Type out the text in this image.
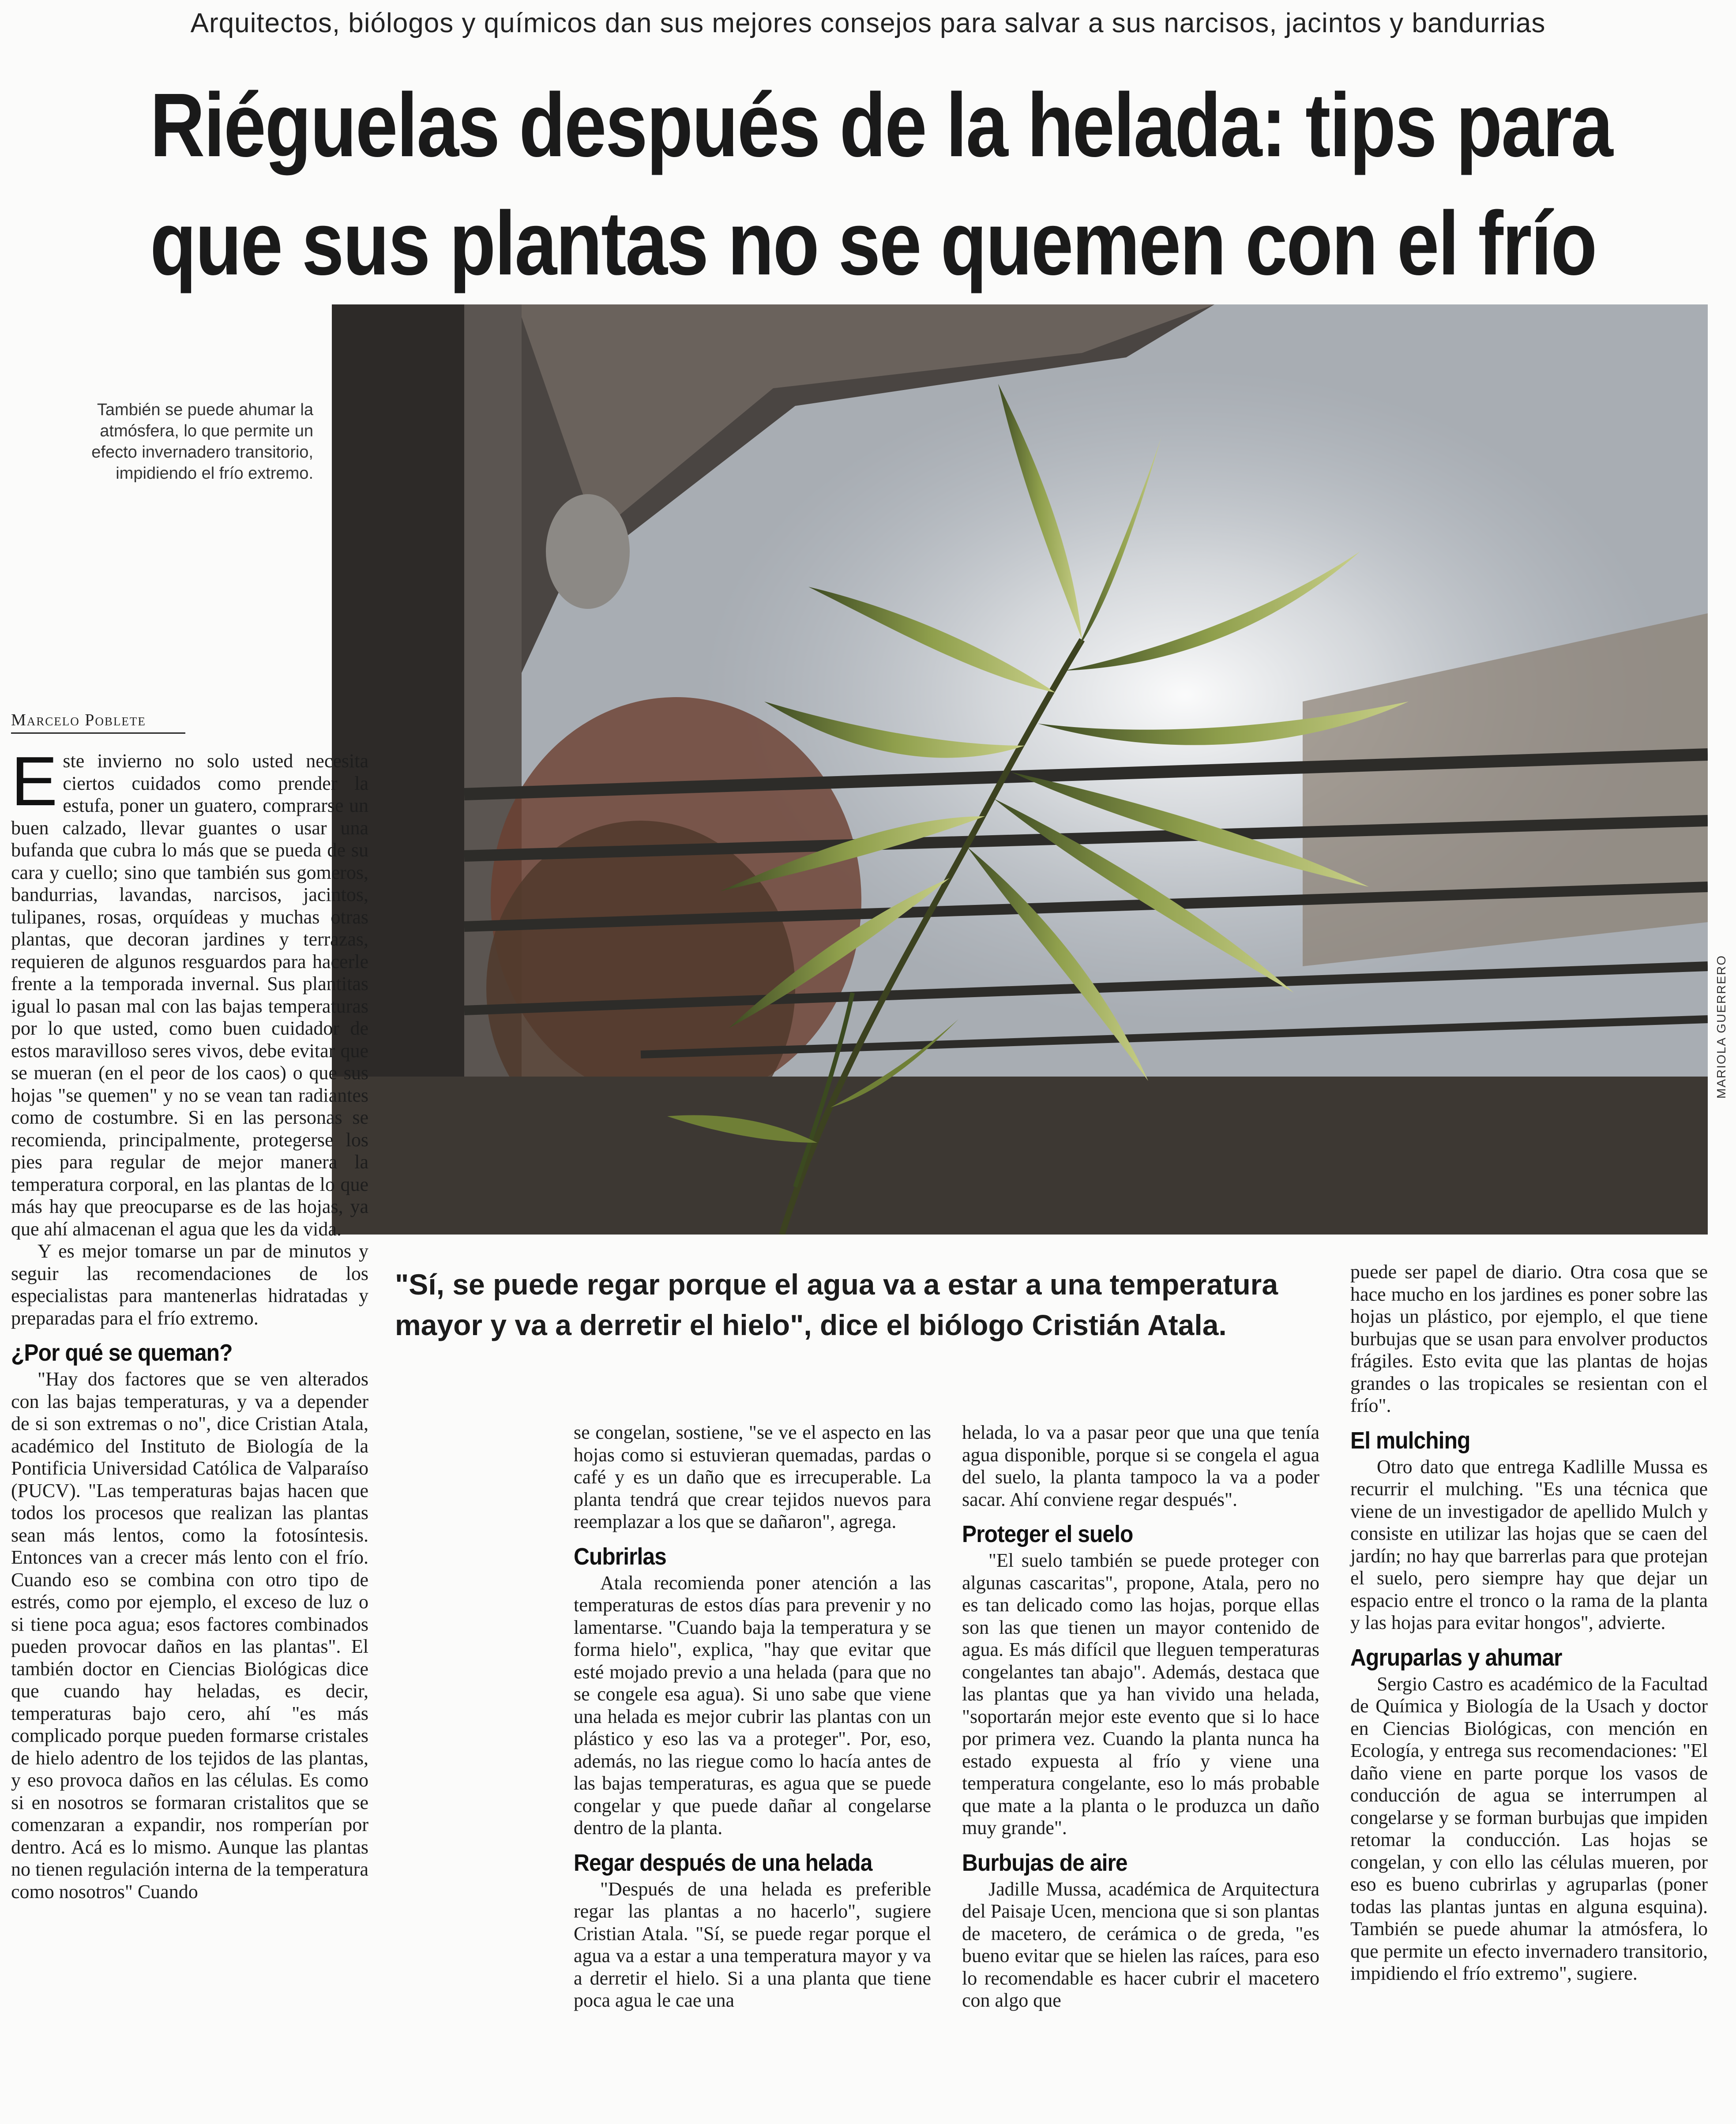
Arquitectos, biólogos y químicos dan sus mejores consejos para salvar a sus narcisos, jacintos y bandurrias
Riéguelas después de la helada: tips para
que sus plantas no se quemen con el frío
También se puede ahumar la atmósfera, lo que permite un efecto invernadero transitorio, impidiendo el frío extremo.
MARIOLA GUERRERO
Marcelo Poblete

Este invierno no solo usted necesita ciertos cuidados como prender la estufa, poner un guatero, comprarse un buen calzado, llevar guantes o usar una bufanda que cubra lo más que se pueda de su cara y cuello; sino que también sus gomeros, bandurrias, lavandas, narcisos, jacintos, tulipanes, rosas, orquídeas y muchas otras plantas, que decoran jardines y terrazas, requieren de algunos resguardos para hacerle frente a la temporada invernal. Sus plantitas igual lo pasan mal con las bajas temperaturas por lo que usted, como buen cuidador de estos maravilloso seres vivos, debe evitar que se mueran (en el peor de los caos) o que sus hojas "se quemen" y no se vean tan radiantes como de costumbre. Si en las personas se recomienda, principalmente, protegerse los pies para regular de mejor manera la temperatura corporal, en las plantas de lo que más hay que preocuparse es de las hojas, ya que ahí almacenan el agua que les da vida.

Y es mejor tomarse un par de minutos y seguir las recomendaciones de los especialistas para mantenerlas hidratadas y preparadas para el frío extremo.

¿Por qué se queman?

"Hay dos factores que se ven alterados con las bajas temperaturas, y va a depender de si son extremas o no", dice Cristian Atala, académico del Instituto de Biología de la Pontificia Universidad Católica de Valparaíso (PUCV). "Las temperaturas bajas hacen que todos los procesos que realizan las plantas sean más lentos, como la fotosíntesis. Entonces van a crecer más lento con el frío. Cuando eso se combina con otro tipo de estrés, como por ejemplo, el exceso de luz o si tiene poca agua; esos factores combinados pueden provocar daños en las plantas". El también doctor en Ciencias Biológicas dice que cuando hay heladas, es decir, temperaturas bajo cero, ahí "es más complicado porque pueden formarse cristales de hielo adentro de los tejidos de las plantas, y eso provoca daños en las células. Es como si en nosotros se formaran cristalitos que se comenzaran a expandir, nos romperían por dentro. Acá es lo mismo. Aunque las plantas no tienen regulación interna de la temperatura como nosotros" Cuando

"Sí, se puede regar porque el agua va a estar a una temperatura mayor y va a derretir el hielo", dice el biólogo Cristián Atala.

se congelan, sostiene, "se ve el aspecto en las hojas como si estuvieran quemadas, pardas o café y es un daño que es irrecuperable. La planta tendrá que crear tejidos nuevos para reemplazar a los que se dañaron", agrega.

Cubrirlas

Atala recomienda poner atención a las temperaturas de estos días para prevenir y no lamentarse. "Cuando baja la temperatura y se forma hielo", explica, "hay que evitar que esté mojado previo a una helada (para que no se congele esa agua). Si uno sabe que viene una helada es mejor cubrir las plantas con un plástico y eso las va a proteger". Por, eso, además, no las riegue como lo hacía antes de las bajas temperaturas, es agua que se puede congelar y que puede dañar al congelarse dentro de la planta.

Regar después de una helada

"Después de una helada es preferible regar las plantas a no hacerlo", sugiere Cristian Atala. "Sí, se puede regar porque el agua va a estar a una temperatura mayor y va a derretir el hielo. Si a una planta que tiene poca agua le cae una

helada, lo va a pasar peor que una que tenía agua disponible, porque si se congela el agua del suelo, la planta tampoco la va a poder sacar. Ahí conviene regar después".

Proteger el suelo

"El suelo también se puede proteger con algunas cascaritas", propone, Atala, pero no es tan delicado como las hojas, porque ellas son las que tienen un mayor contenido de agua. Es más difícil que lleguen temperaturas congelantes tan abajo". Además, destaca que las plantas que ya han vivido una helada, "soportarán mejor este evento que si lo hace por primera vez. Cuando la planta nunca ha estado expuesta al frío y viene una temperatura congelante, eso lo más probable que mate a la planta o le produzca un daño muy grande".

Burbujas de aire

Jadille Mussa, académica de Arquitectura del Paisaje Ucen, menciona que si son plantas de macetero, de cerámica o de greda, "es bueno evitar que se hielen las raíces, para eso lo recomendable es hacer cubrir el macetero con algo que

puede ser papel de diario. Otra cosa que se hace mucho en los jardines es poner sobre las hojas un plástico, por ejemplo, el que tiene burbujas que se usan para envolver productos frágiles. Esto evita que las plantas de hojas grandes o las tropicales se resientan con el frío".

El mulching

Otro dato que entrega Kadlille Mussa es recurrir el mulching. "Es una técnica que viene de un investigador de apellido Mulch y consiste en utilizar las hojas que se caen del jardín; no hay que barrerlas para que protejan el suelo, pero siempre hay que dejar un espacio entre el tronco o la rama de la planta y las hojas para evitar hongos", advierte.

Agruparlas y ahumar

Sergio Castro es académico de la Facultad de Química y Biología de la Usach y doctor en Ciencias Biológicas, con mención en Ecología, y entrega sus recomendaciones: "El daño viene en parte porque los vasos de conducción de agua se interrumpen al congelarse y se forman burbujas que impiden retomar la conducción. Las hojas se congelan, y con ello las células mueren, por eso es bueno cubrirlas y agruparlas (poner todas las plantas juntas en alguna esquina). También se puede ahumar la atmósfera, lo que permite un efecto invernadero transitorio, impidiendo el frío extremo", sugiere.
